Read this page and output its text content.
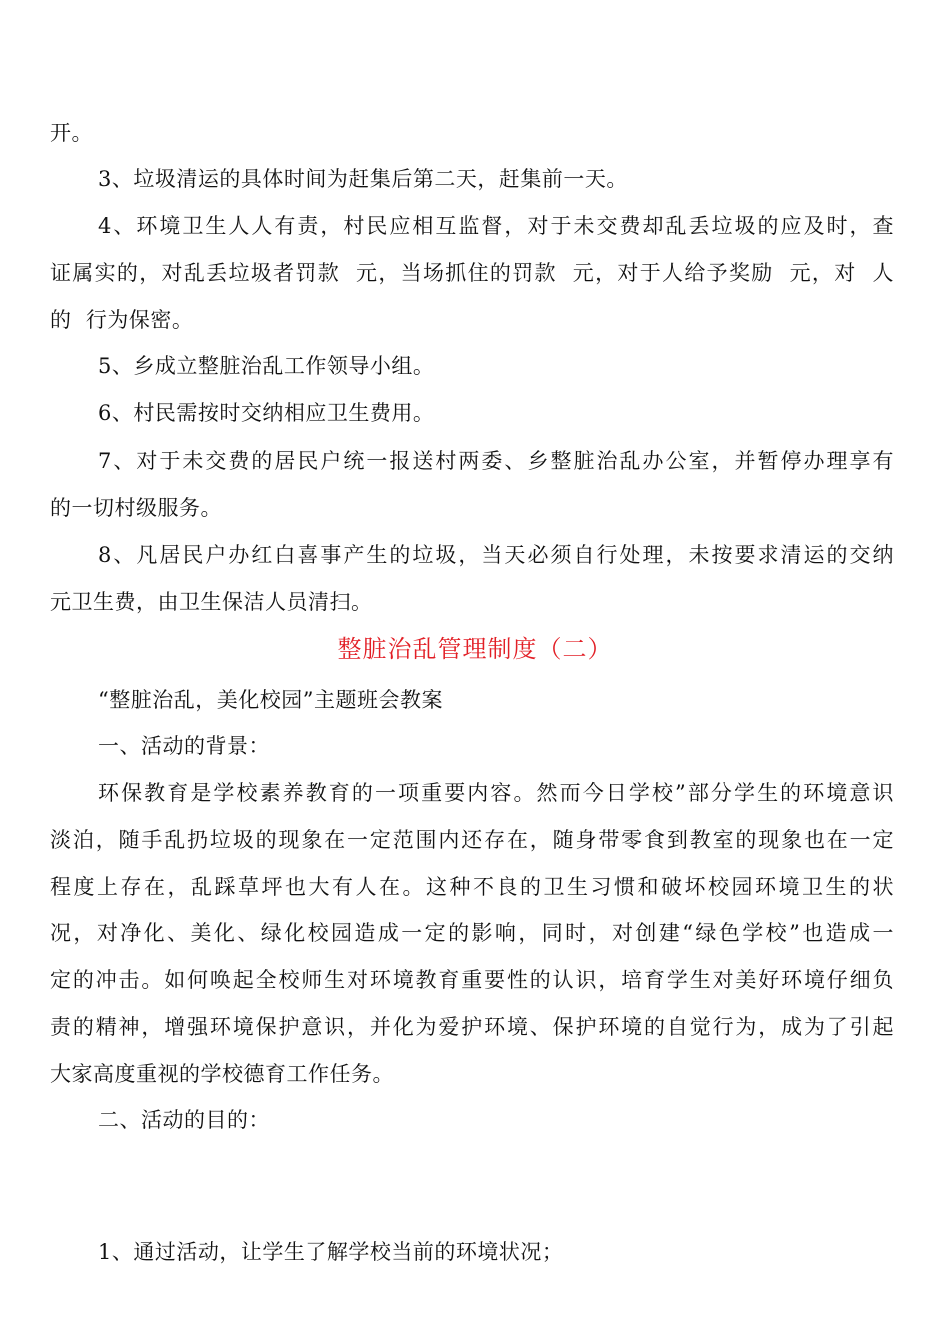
开。
3、垃圾清运的具体时间为赶集后第二天，赶集前一天。
4、环境卫生人人有责，村民应相互监督，对于未交费却乱丢垃圾的应及时，查
证属实的，对乱丢垃圾者罚款  元，当场抓住的罚款  元，对于人给予奖励  元，对  人
的  行为保密。
5、乡成立整脏治乱工作领导小组。
6、村民需按时交纳相应卫生费用。
7、对于未交费的居民户统一报送村两委、乡整脏治乱办公室，并暂停办理享有
的一切村级服务。
8、凡居民户办红白喜事产生的垃圾，当天必须自行处理，未按要求清运的交纳
元卫生费，由卫生保洁人员清扫。
整脏治乱管理制度（二）
“整脏治乱，美化校园”主题班会教案
一、活动的背景：
环保教育是学校素养教育的一项重要内容。然而今日学校”部分学生的环境意识
淡泊，随手乱扔垃圾的现象在一定范围内还存在，随身带零食到教室的现象也在一定
程度上存在，乱踩草坪也大有人在。这种不良的卫生习惯和破坏校园环境卫生的状
况，对净化、美化、绿化校园造成一定的影响，同时，对创建“绿色学校”也造成一
定的冲击。如何唤起全校师生对环境教育重要性的认识，培育学生对美好环境仔细负
责的精神，增强环境保护意识，并化为爱护环境、保护环境的自觉行为，成为了引起
大家高度重视的学校德育工作任务。
二、活动的目的：
1、通过活动，让学生了解学校当前的环境状况；
